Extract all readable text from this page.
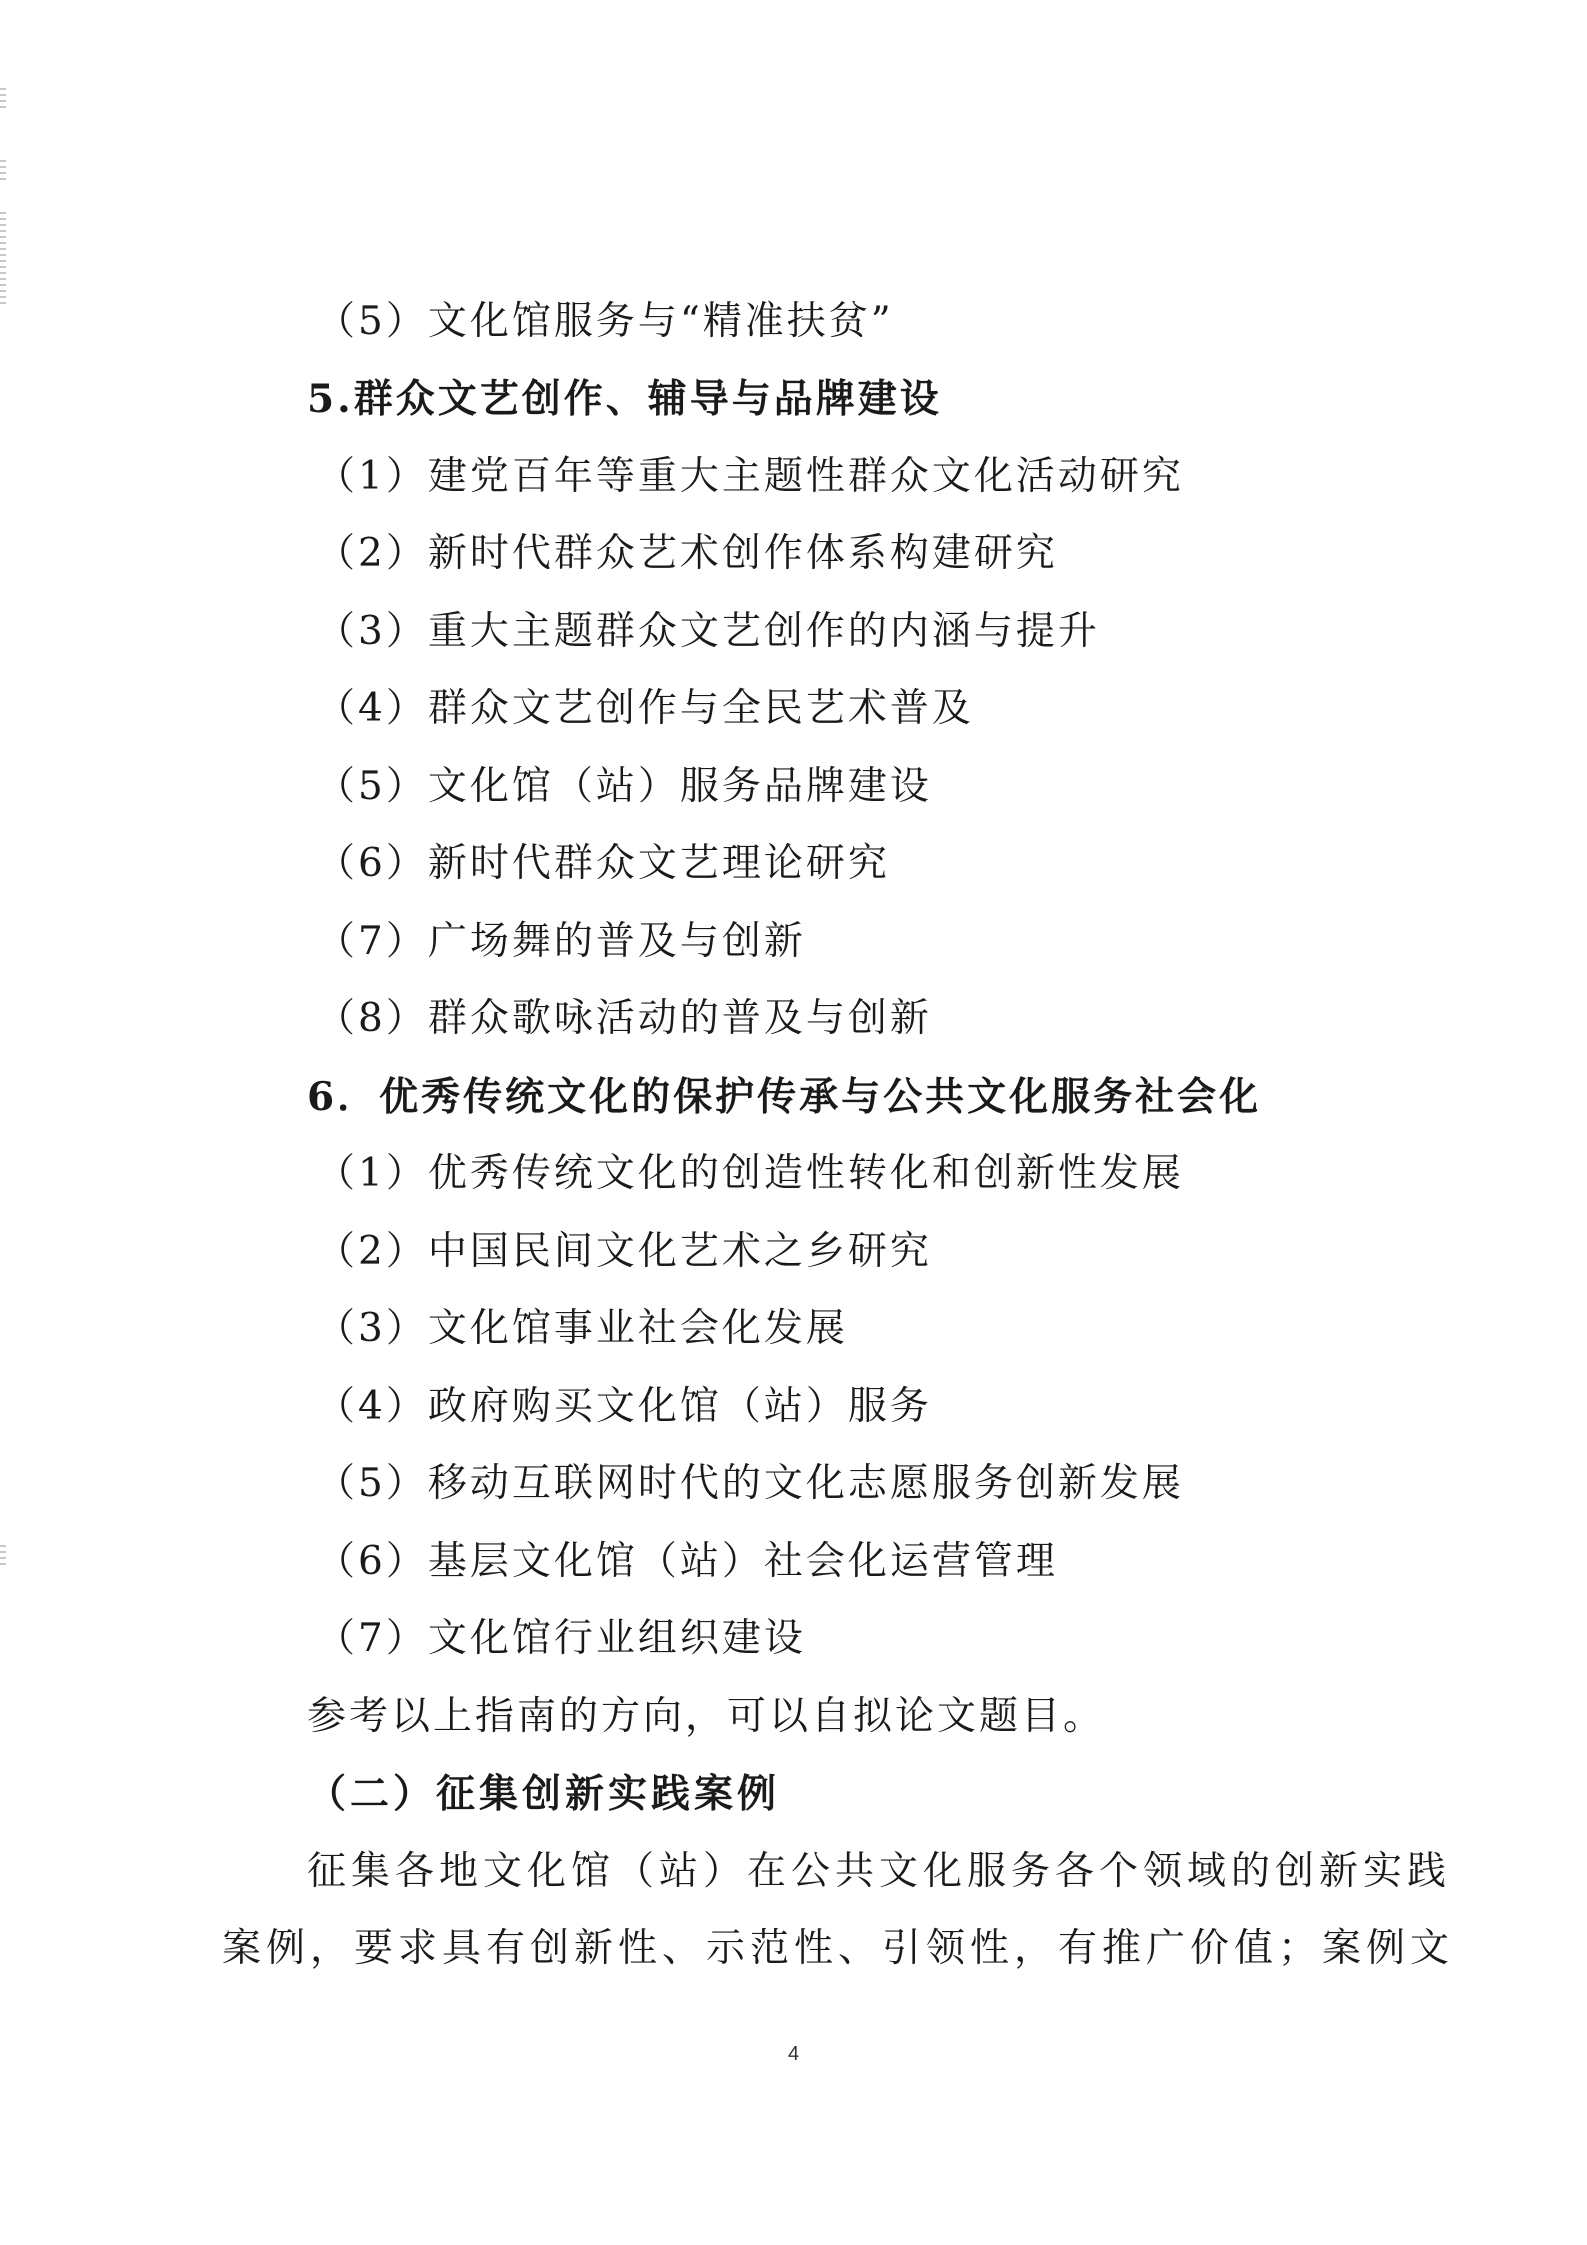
（5）文化馆服务与“精准扶贫”
5.群众文艺创作、辅导与品牌建设
（1）建党百年等重大主题性群众文化活动研究
（2）新时代群众艺术创作体系构建研究
（3）重大主题群众文艺创作的内涵与提升
（4）群众文艺创作与全民艺术普及
（5）文化馆（站）服务品牌建设
（6）新时代群众文艺理论研究
（7）广场舞的普及与创新
（8）群众歌咏活动的普及与创新
6．优秀传统文化的保护传承与公共文化服务社会化
（1）优秀传统文化的创造性转化和创新性发展
（2）中国民间文化艺术之乡研究
（3）文化馆事业社会化发展
（4）政府购买文化馆（站）服务
（5）移动互联网时代的文化志愿服务创新发展
（6）基层文化馆（站）社会化运营管理
（7）文化馆行业组织建设
参考以上指南的方向，可以自拟论文题目。
（二）征集创新实践案例
征集各地文化馆（站）在公共文化服务各个领域的创新实践
案例，要求具有创新性、示范性、引领性，有推广价值；案例文
4
